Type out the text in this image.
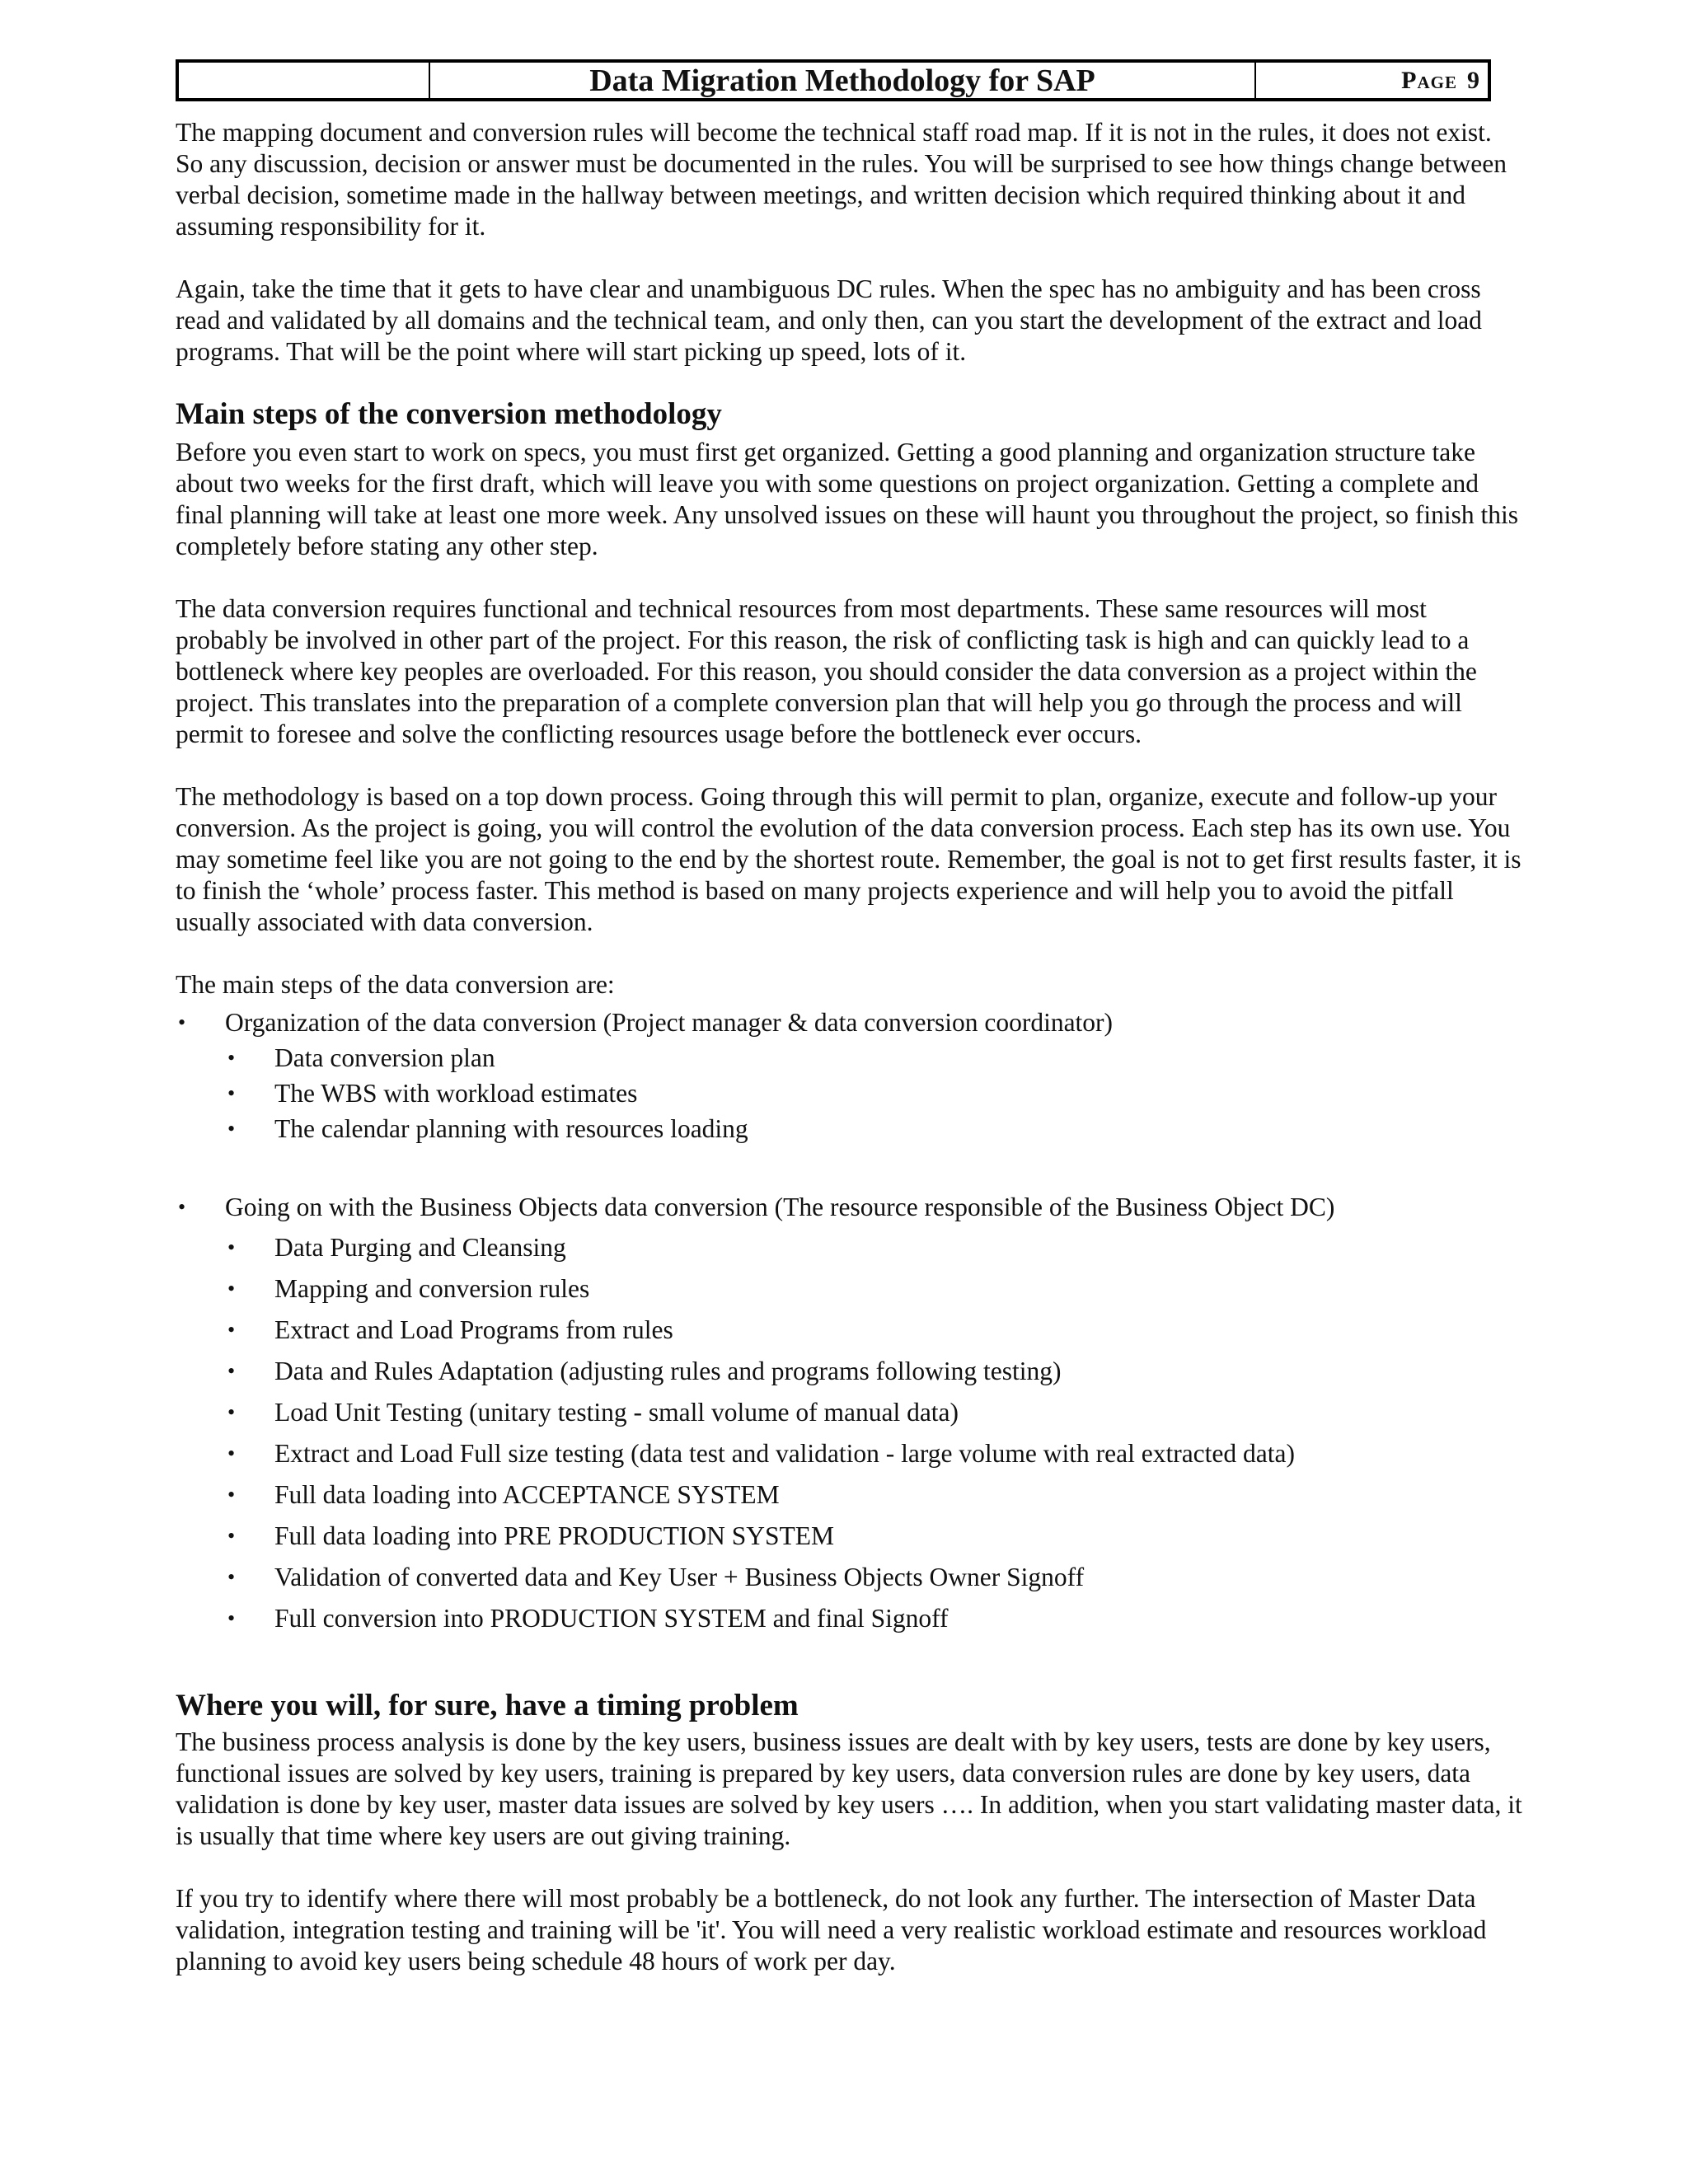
Data Migration Methodology for SAP	Page 9

The mapping document and conversion rules will become the technical staff road map. If it is not in the rules, it does not exist. So any discussion, decision or answer must be documented in the rules. You will be surprised to see how things change between verbal decision, sometime made in the hallway between meetings, and written decision which required thinking about it and assuming responsibility for it.

Again, take the time that it gets to have clear and unambiguous DC rules. When the spec has no ambiguity and has been cross read and validated by all domains and the technical team, and only then, can you start the development of the extract and load programs. That will be the point where will start picking up speed, lots of it.

Main steps of the conversion methodology

Before you even start to work on specs, you must first get organized. Getting a good planning and organization structure take about two weeks for the first draft, which will leave you with some questions on project organization. Getting a complete and final planning will take at least one more week. Any unsolved issues on these will haunt you throughout the project, so finish this completely before stating any other step.

The data conversion requires functional and technical resources from most departments. These same resources will most probably be involved in other part of the project. For this reason, the risk of conflicting task is high and can quickly lead to a bottleneck where key peoples are overloaded. For this reason, you should consider the data conversion as a project within the project. This translates into the preparation of a complete conversion plan that will help you go through the process and will permit to foresee and solve the conflicting resources usage before the bottleneck ever occurs.

The methodology is based on a top down process. Going through this will permit to plan, organize, execute and follow-up your conversion. As the project is going, you will control the evolution of the data conversion process. Each step has its own use. You may sometime feel like you are not going to the end by the shortest route. Remember, the goal is not to get first results faster, it is to finish the ‘whole’ process faster. This method is based on many projects experience and will help you to avoid the pitfall usually associated with data conversion.

The main steps of the data conversion are:

• Organization of the data conversion (Project manager & data conversion coordinator)
• Data conversion plan
• The WBS with workload estimates
• The calendar planning with resources loading
• Going on with the Business Objects data conversion (The resource responsible of the Business Object DC)
• Data Purging and Cleansing
• Mapping and conversion rules
• Extract and Load Programs from rules
• Data and Rules Adaptation (adjusting rules and programs following testing)
• Load Unit Testing (unitary testing - small volume of manual data)
• Extract and Load Full size testing (data test and validation - large volume with real extracted data)
• Full data loading into ACCEPTANCE SYSTEM
• Full data loading into PRE PRODUCTION SYSTEM
• Validation of converted data and Key User + Business Objects Owner Signoff
• Full conversion into PRODUCTION SYSTEM and final Signoff
Where you will, for sure, have a timing problem

The business process analysis is done by the key users, business issues are dealt with by key users, tests are done by key users, functional issues are solved by key users, training is prepared by key users, data conversion rules are done by key users, data validation is done by key user, master data issues are solved by key users …. In addition, when you start validating master data, it is usually that time where key users are out giving training.

If you try to identify where there will most probably be a bottleneck, do not look any further. The intersection of Master Data validation, integration testing and training will be 'it'. You will need a very realistic workload estimate and resources workload planning to avoid key users being schedule 48 hours of work per day.
